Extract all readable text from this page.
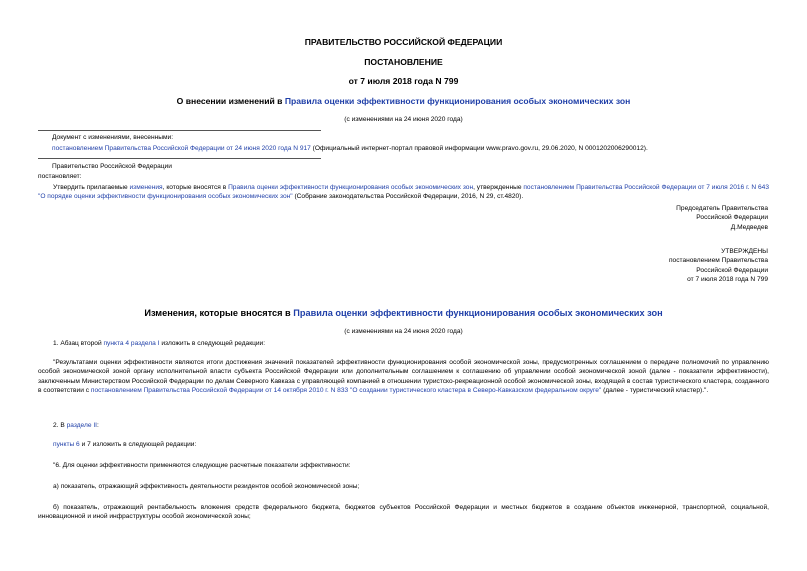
ПРАВИТЕЛЬСТВО РОССИЙСКОЙ ФЕДЕРАЦИИ
ПОСТАНОВЛЕНИЕ
от 7 июля 2018 года N 799
О внесении изменений в Правила оценки эффективности функционирования особых экономических зон
(с изменениями на 24 июня 2020 года)
Документ с изменениями, внесенными:
постановлением Правительства Российской Федерации от 24 июня 2020 года N 917 (Официальный интернет-портал правовой информации www.pravo.gov.ru, 29.06.2020, N 0001202006290012).
Правительство Российской Федерации
постановляет:
Утвердить прилагаемые изменения, которые вносятся в Правила оценки эффективности функционирования особых экономических зон, утвержденные постановлением Правительства Российской Федерации от 7 июля 2016 г. N 643 "О порядке оценки эффективности функционирования особых экономических зон" (Собрание законодательства Российской Федерации, 2016, N 29, ст.4820).
Председатель Правительства
Российской Федерации
Д.Медведев
УТВЕРЖДЕНЫ
постановлением Правительства
Российской Федерации
от 7 июля 2018 года N 799
Изменения, которые вносятся в Правила оценки эффективности функционирования особых экономических зон
(с изменениями на 24 июня 2020 года)
1. Абзац второй пункта 4 раздела I изложить в следующей редакции:
"Результатами оценки эффективности являются итоги достижения значений показателей эффективности функционирования особой экономической зоны, предусмотренных соглашением о передаче полномочий по управлению особой экономической зоной органу исполнительной власти субъекта Российской Федерации или дополнительным соглашением к соглашению об управлении особой экономической зоной (далее - показатели эффективности), заключенным Министерством Российской Федерации по делам Северного Кавказа с управляющей компанией в отношении туристско-рекреационной особой экономической зоны, входящей в состав туристического кластера, созданного в соответствии с постановлением Правительства Российской Федерации от 14 октября 2010 г. N 833 "О создании туристического кластера в Северо-Кавказском федеральном округе" (далее - туристический кластер).".
2. В разделе II:
пункты 6 и 7 изложить в следующей редакции:
"6. Для оценки эффективности применяются следующие расчетные показатели эффективности:
а) показатель, отражающий эффективность деятельности резидентов особой экономической зоны;
б) показатель, отражающий рентабельность вложения средств федерального бюджета, бюджетов субъектов Российской Федерации и местных бюджетов в создание объектов инженерной, транспортной, социальной, инновационной и иной инфраструктуры особой экономической зоны;
